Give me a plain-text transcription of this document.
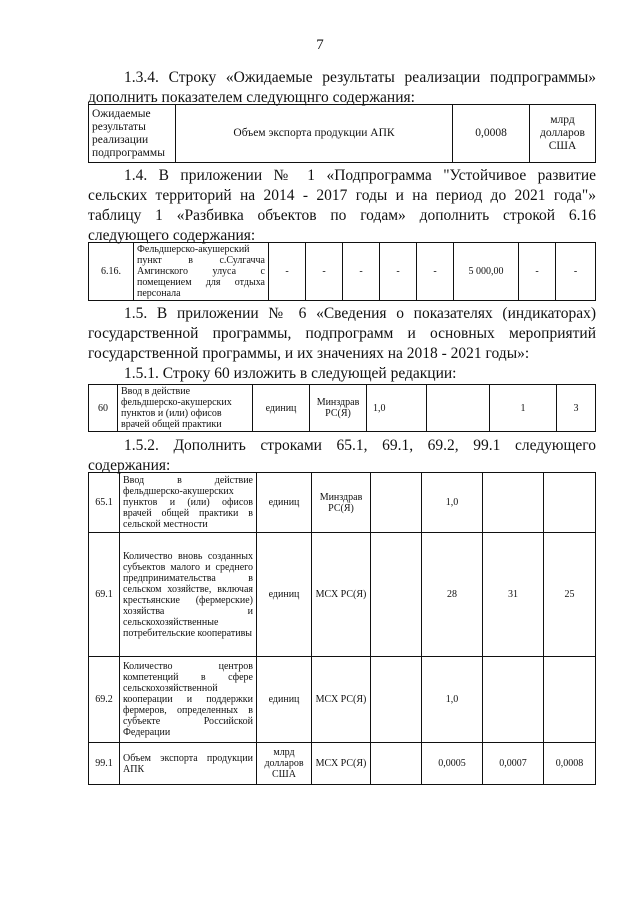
7
1.3.4. Строку «Ожидаемые результаты реализации подпрограммы» дополнить показателем следующнго содержания:
Ожидаемые результаты реализации подпрограммы	Объем экспорта продукции АПК	0,0008	млрд долларов США
1.4. В приложении № 1 «Подпрограмма "Устойчивое развитие сельских территорий на 2014 - 2017 годы и на период до 2021 года"» таблицу 1 «Разбивка объектов по годам» дополнить строкой 6.16 следующего содержания:
6.16.	Фельдшерско-акушерский пункт в с.Сулгачча Амгинского улуса с помещением для отдыха персонала	-	-	-	-	-	5 000,00	-	-
1.5. В приложении № 6 «Сведения о показателях (индикаторах) государственной программы, подпрограмм и основных мероприятий государственной программы, и их значениях на 2018 - 2021 годы»:
1.5.1. Строку 60 изложить в следующей редакции:
60	Ввод в действие фельдшерско-акушерских пунктов и (или) офисов врачей общей практики	единиц	Минздрав РС(Я)	1,0		1	3
1.5.2. Дополнить строками 65.1, 69.1, 69.2, 99.1 следующего содержания:
65.1	Ввод в действие фельдшерско-акушерских пунктов и (или) офисов врачей общей практики в сельской местности	единиц	Минздрав РС(Я)		1,0		
69.1	Количество вновь созданных субъектов малого и среднего предпринимательства в сельском хозяйстве, включая крестьянские (фермерские) хозяйства и сельскохозяйственные потребительские кооперативы	единиц	МСХ РС(Я)		28	31	25
69.2	Количество центров компетенций в сфере сельскохозяйственной кооперации и поддержки фермеров, определенных в субъекте Российской Федерации	единиц	МСХ РС(Я)		1,0		
99.1	Объем экспорта продукции АПК	млрд долларов США	МСХ РС(Я)		0,0005	0,0007	0,0008
